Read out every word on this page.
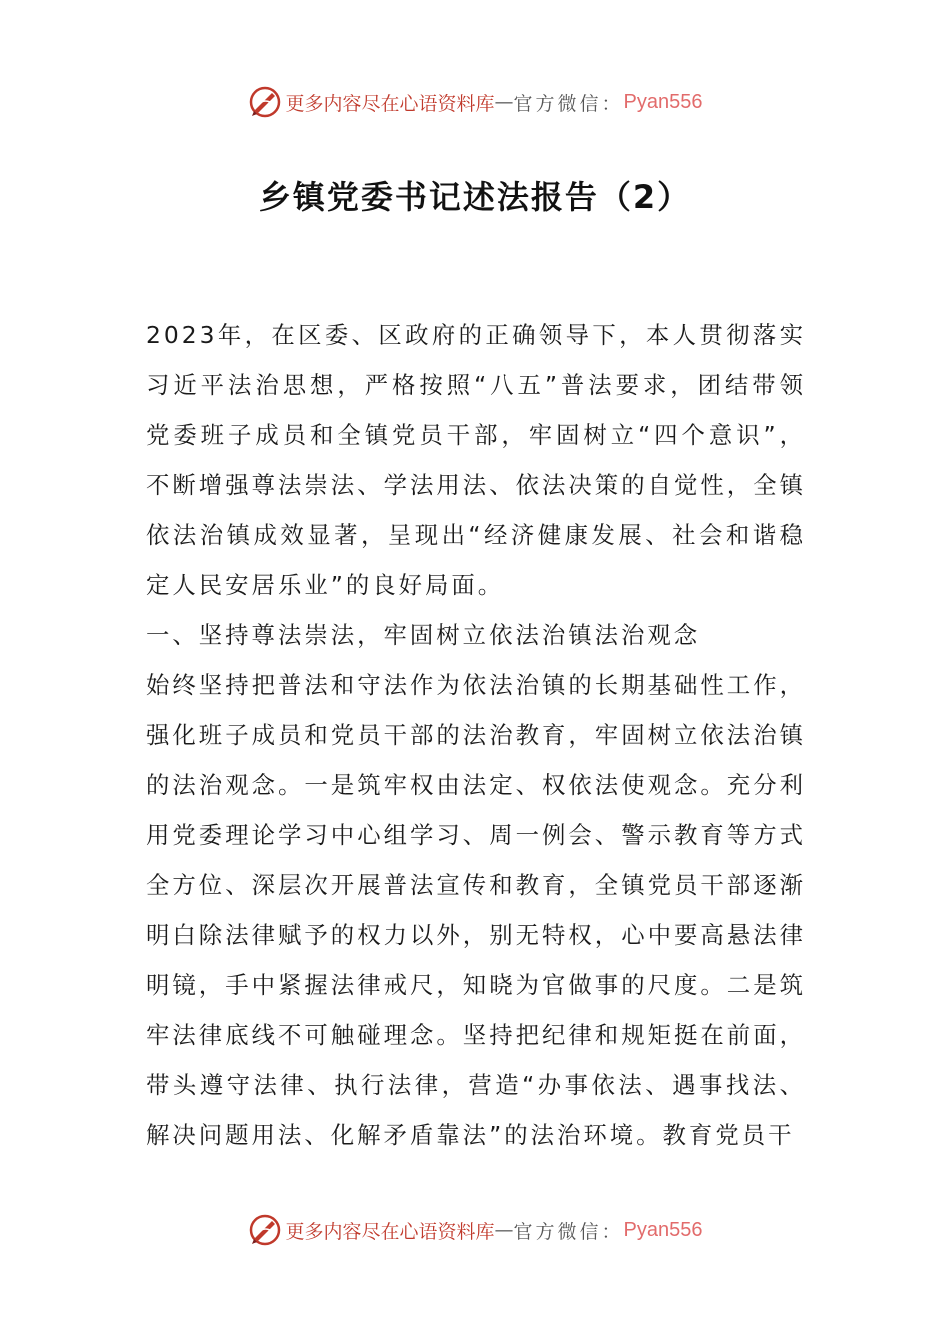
更多内容尽在心语资料库 — 官方微信： Pyan556
乡镇党委书记述法报告（2）

2023年，在区委、区政府的正确领导下，本人贯彻落实习近平法治思想，严格按照“八五”普法要求，团结带领党委班子成员和全镇党员干部，牢固树立“四个意识”，不断增强尊法崇法、学法用法、依法决策的自觉性，全镇依法治镇成效显著，呈现出“经济健康发展、社会和谐稳定人民安居乐业”的良好局面。

一、坚持尊法崇法，牢固树立依法治镇法治观念

始终坚持把普法和守法作为依法治镇的长期基础性工作，强化班子成员和党员干部的法治教育，牢固树立依法治镇的法治观念。一是筑牢权由法定、权依法使观念。充分利用党委理论学习中心组学习、周一例会、警示教育等方式全方位、深层次开展普法宣传和教育，全镇党员干部逐渐明白除法律赋予的权力以外，别无特权，心中要高悬法律明镜，手中紧握法律戒尺，知晓为官做事的尺度。二是筑牢法律底线不可触碰理念。坚持把纪律和规矩挺在前面，带头遵守法律、执行法律，营造“办事依法、遇事找法、解决问题用法、化解矛盾靠法”的法治环境。教育党员干

更多内容尽在心语资料库 — 官方微信： Pyan556
